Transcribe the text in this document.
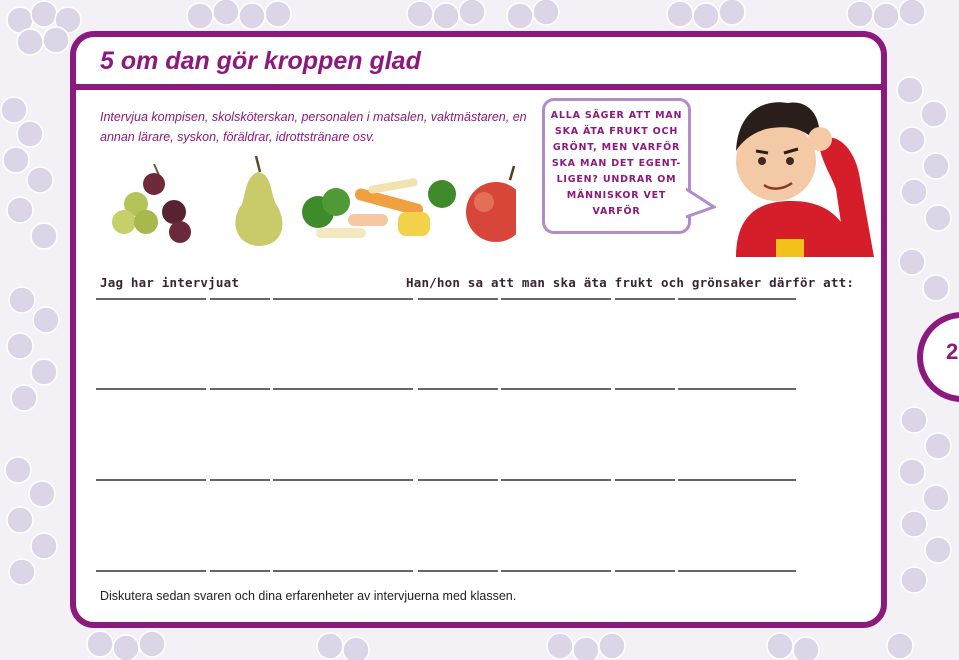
5 om dan gör kroppen glad
Intervjua kompisen, skolsköterskan, personalen i matsalen, vaktmästaren, en annan lärare, syskon, föräldrar, idrottstränare osv.
ALLA SÄGER ATT MAN SKA ÄTA FRUKT OCH GRÖNT, MEN VARFÖR SKA MAN DET EGENT-LIGEN? UNDRAR OM MÄNNISKOR VET VARFÖR
Jag har intervjuat	Han/hon sa att man ska äta frukt och grönsaker därför att:
Diskutera sedan svaren och dina erfarenheter av intervjuerna med klassen.
2
